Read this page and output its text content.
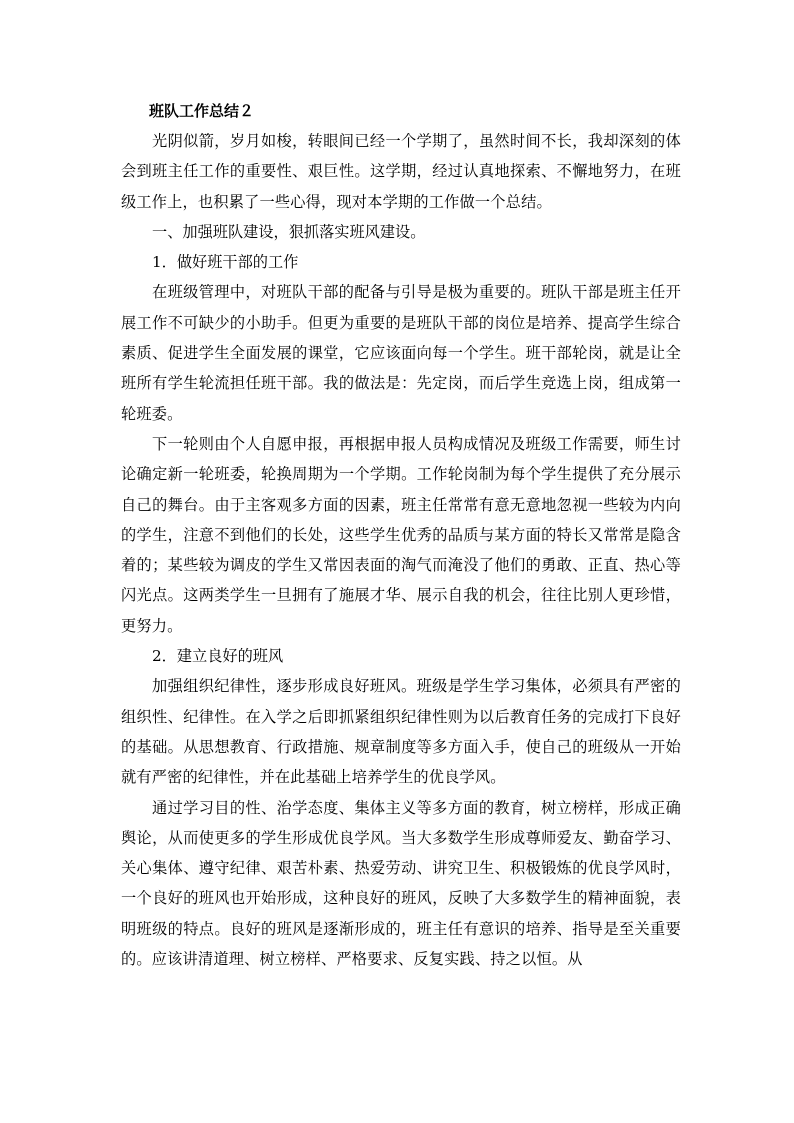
班队工作总结２

光阴似箭，岁月如梭，转眼间已经一个学期了，虽然时间不长，我却深刻的体会到班主任工作的重要性、艰巨性。这学期，经过认真地探索、不懈地努力，在班级工作上，也积累了一些心得，现对本学期的工作做一个总结。

一、加强班队建设，狠抓落实班风建设。

1．做好班干部的工作

在班级管理中，对班队干部的配备与引导是极为重要的。班队干部是班主任开展工作不可缺少的小助手。但更为重要的是班队干部的岗位是培养、提高学生综合素质、促进学生全面发展的课堂，它应该面向每一个学生。班干部轮岗，就是让全班所有学生轮流担任班干部。我的做法是：先定岗，而后学生竞选上岗，组成第一轮班委。

下一轮则由个人自愿申报，再根据申报人员构成情况及班级工作需要，师生讨论确定新一轮班委，轮换周期为一个学期。工作轮岗制为每个学生提供了充分展示自己的舞台。由于主客观多方面的因素，班主任常常有意无意地忽视一些较为内向的学生，注意不到他们的长处，这些学生优秀的品质与某方面的特长又常常是隐含着的；某些较为调皮的学生又常因表面的淘气而淹没了他们的勇敢、正直、热心等闪光点。这两类学生一旦拥有了施展才华、展示自我的机会，往往比别人更珍惜，更努力。

2．建立良好的班风

加强组织纪律性，逐步形成良好班风。班级是学生学习集体，必须具有严密的组织性、纪律性。在入学之后即抓紧组织纪律性则为以后教育任务的完成打下良好的基础。从思想教育、行政措施、规章制度等多方面入手，使自己的班级从一开始就有严密的纪律性，并在此基础上培养学生的优良学风。

通过学习目的性、治学态度、集体主义等多方面的教育，树立榜样，形成正确舆论，从而使更多的学生形成优良学风。当大多数学生形成尊师爱友、勤奋学习、关心集体、遵守纪律、艰苦朴素、热爱劳动、讲究卫生、积极锻炼的优良学风时，一个良好的班风也开始形成，这种良好的班风，反映了大多数学生的精神面貌，表明班级的特点。良好的班风是逐渐形成的，班主任有意识的培养、指导是至关重要的。应该讲清道理、树立榜样、严格要求、反复实践、持之以恒。从
